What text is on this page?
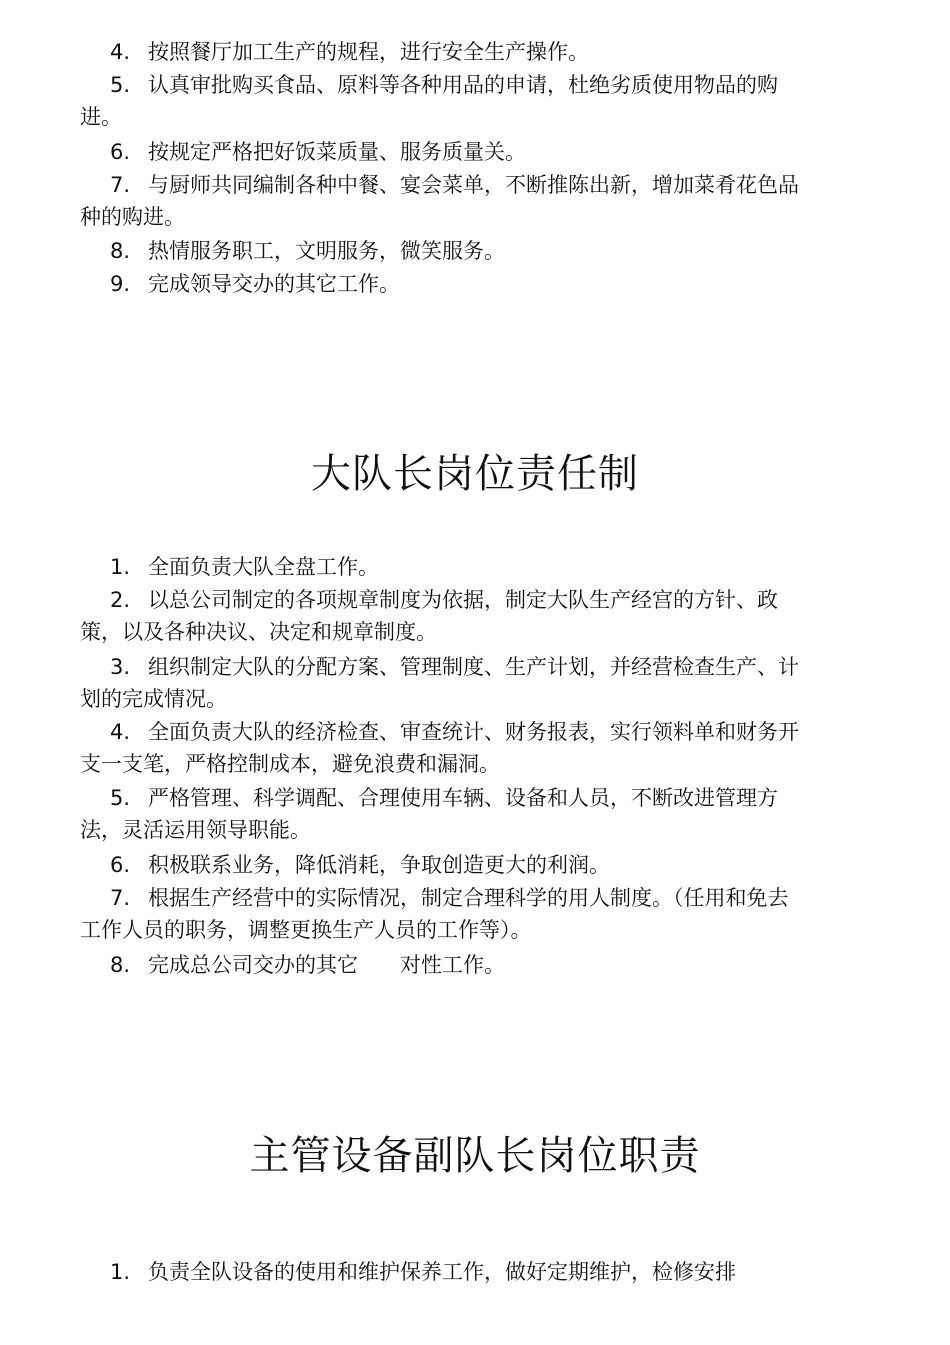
4. 按照餐厅加工生产的规程，进行安全生产操作。

5. 认真审批购买食品、原料等各种用品的申请，杜绝劣质使用物品的购进。

6. 按规定严格把好饭菜质量、服务质量关。

7. 与厨师共同编制各种中餐、宴会菜单，不断推陈出新，增加菜肴花色品种的购进。

8. 热情服务职工，文明服务，微笑服务。

9. 完成领导交办的其它工作。

大队长岗位责任制

1. 全面负责大队全盘工作。

2. 以总公司制定的各项规章制度为依据，制定大队生产经宫的方针、政策，以及各种决议、决定和规章制度。

3. 组织制定大队的分配方案、管理制度、生产计划，并经营检查生产、计划的完成情况。

4. 全面负责大队的经济检查、审查统计、财务报表，实行领料单和财务开支一支笔，严格控制成本，避免浪费和漏洞。

5. 严格管理、科学调配、合理使用车辆、设备和人员，不断改进管理方法，灵活运用领导职能。

6. 积极联系业务，降低消耗，争取创造更大的利润。

7. 根据生产经营中的实际情况，制定合理科学的用人制度。（任用和免去工作人员的职务，调整更换生产人员的工作等）。

8. 完成总公司交办的其它　　对性工作。

主管设备副队长岗位职责

1. 负责全队设备的使用和维护保养工作，做好定期维护，检修安排
